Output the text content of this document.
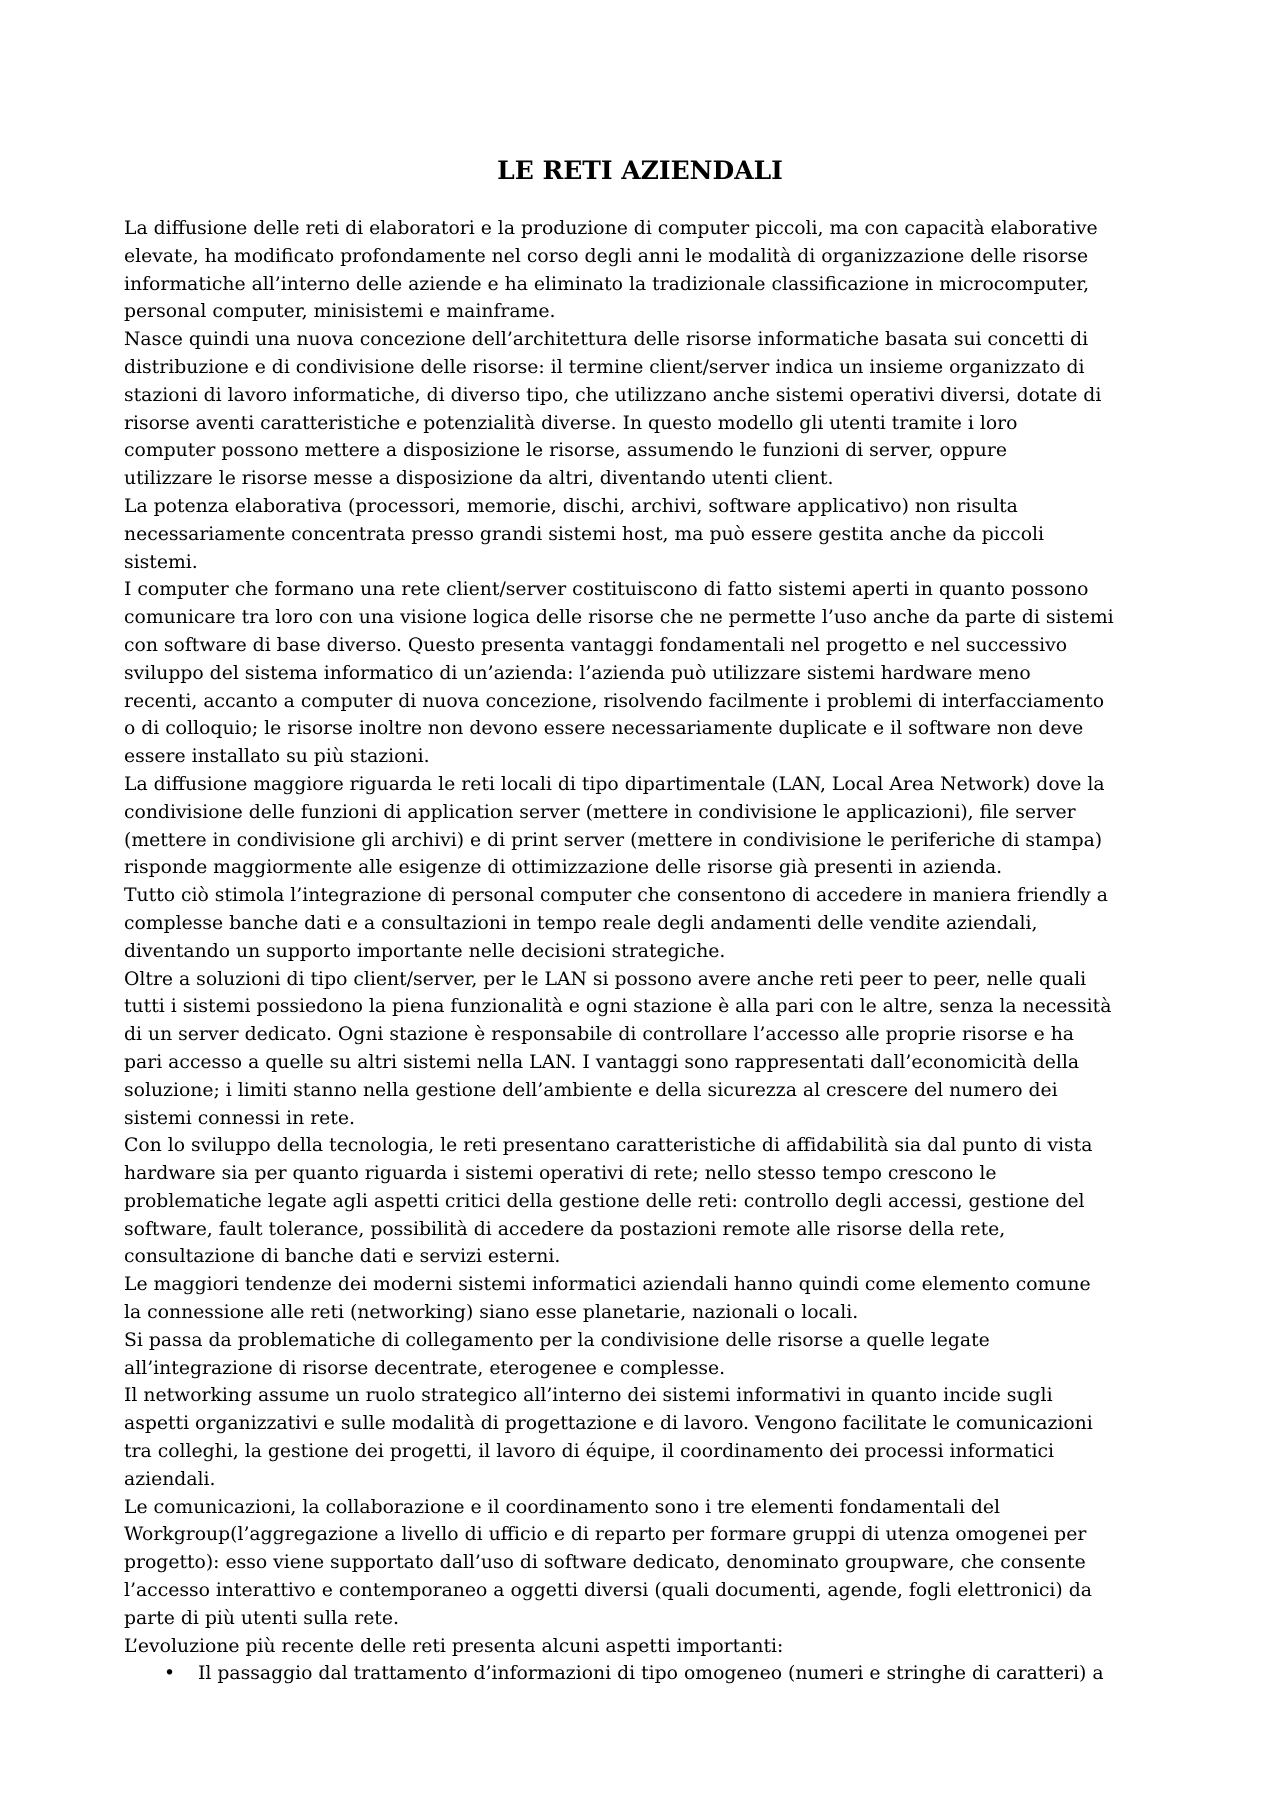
LE RETI AZIENDALI
La diffusione delle reti di elaboratori e la produzione di computer piccoli, ma con capacità elaborative
elevate, ha modificato profondamente nel corso degli anni le modalità di organizzazione delle risorse
informatiche all’interno delle aziende e ha eliminato la tradizionale classificazione in microcomputer,
personal computer, minisistemi e mainframe.
Nasce quindi una nuova concezione dell’architettura delle risorse informatiche basata sui concetti di
distribuzione e di condivisione delle risorse: il termine client/server indica un insieme organizzato di
stazioni di lavoro informatiche, di diverso tipo, che utilizzano anche sistemi operativi diversi, dotate di
risorse aventi caratteristiche e potenzialità diverse. In questo modello gli utenti tramite i loro
computer possono mettere a disposizione le risorse, assumendo le funzioni di server, oppure
utilizzare le risorse messe a disposizione da altri, diventando utenti client.
La potenza elaborativa (processori, memorie, dischi, archivi, software applicativo) non risulta
necessariamente concentrata presso grandi sistemi host, ma può essere gestita anche da piccoli
sistemi.
I computer che formano una rete client/server costituiscono di fatto sistemi aperti in quanto possono
comunicare tra loro con una visione logica delle risorse che ne permette l’uso anche da parte di sistemi
con software di base diverso. Questo presenta vantaggi fondamentali nel progetto e nel successivo
sviluppo del sistema informatico di un’azienda: l’azienda può utilizzare sistemi hardware meno
recenti, accanto a computer di nuova concezione, risolvendo facilmente i problemi di interfacciamento
o di colloquio; le risorse inoltre non devono essere necessariamente duplicate e il software non deve
essere installato su più stazioni.
La diffusione maggiore riguarda le reti locali di tipo dipartimentale (LAN, Local Area Network) dove la
condivisione delle funzioni di application server (mettere in condivisione le applicazioni), file server
(mettere in condivisione gli archivi) e di print server (mettere in condivisione le periferiche di stampa)
risponde maggiormente alle esigenze di ottimizzazione delle risorse già presenti in azienda.
Tutto ciò stimola l’integrazione di personal computer che consentono di accedere in maniera friendly a
complesse banche dati e a consultazioni in tempo reale degli andamenti delle vendite aziendali,
diventando un supporto importante nelle decisioni strategiche.
Oltre a soluzioni di tipo client/server, per le LAN si possono avere anche reti peer to peer, nelle quali
tutti i sistemi possiedono la piena funzionalità e ogni stazione è alla pari con le altre, senza la necessità
di un server dedicato. Ogni stazione è responsabile di controllare l’accesso alle proprie risorse e ha
pari accesso a quelle su altri sistemi nella LAN. I vantaggi sono rappresentati dall’economicità della
soluzione; i limiti stanno nella gestione dell’ambiente e della sicurezza al crescere del numero dei
sistemi connessi in rete.
Con lo sviluppo della tecnologia, le reti presentano caratteristiche di affidabilità sia dal punto di vista
hardware sia per quanto riguarda i sistemi operativi di rete; nello stesso tempo crescono le
problematiche legate agli aspetti critici della gestione delle reti: controllo degli accessi, gestione del
software, fault tolerance, possibilità di accedere da postazioni remote alle risorse della rete,
consultazione di banche dati e servizi esterni.
Le maggiori tendenze dei moderni sistemi informatici aziendali hanno quindi come elemento comune
la connessione alle reti (networking) siano esse planetarie, nazionali o locali.
Si passa da problematiche di collegamento per la condivisione delle risorse a quelle legate
all’integrazione di risorse decentrate, eterogenee e complesse.
Il networking assume un ruolo strategico all’interno dei sistemi informativi in quanto incide sugli
aspetti organizzativi e sulle modalità di progettazione e di lavoro. Vengono facilitate le comunicazioni
tra colleghi, la gestione dei progetti, il lavoro di équipe, il coordinamento dei processi informatici
aziendali.
Le comunicazioni, la collaborazione e il coordinamento sono i tre elementi fondamentali del
Workgroup(l’aggregazione a livello di ufficio e di reparto per formare gruppi di utenza omogenei per
progetto): esso viene supportato dall’uso di software dedicato, denominato groupware, che consente
l’accesso interattivo e contemporaneo a oggetti diversi (quali documenti, agende, fogli elettronici) da
parte di più utenti sulla rete.
L’evoluzione più recente delle reti presenta alcuni aspetti importanti:
• Il passaggio dal trattamento d’informazioni di tipo omogeneo (numeri e stringhe di caratteri) a
